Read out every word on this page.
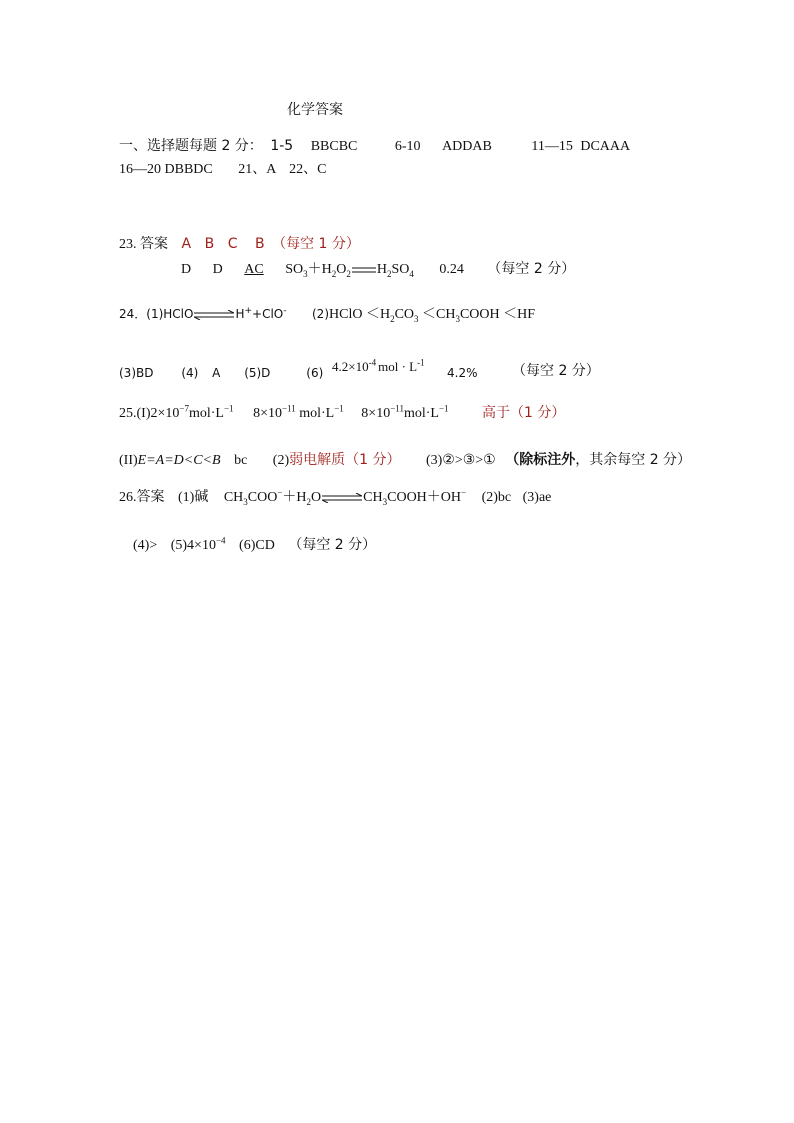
化学答案
一、选择题每题 2 分： 1-5 BBCBC	6-10 ADDAB	11—15 DCAAA
16—20 DBBDC 21、A 22、C
23. 答案 A B C B （每空 1 分）
D D AC $SO_3+H_2O_2$ $H_2SO_4$ 0.24 （每空 2 分）
24．(1)HClO⇌H++ClO- (2)HClO $<H_2CO_3$ $<CH_3COOH <HF$
(3)BD (4) A (5)D	(6) $4.2\times 10^{-4}$ mol · $L^{-1}$
4.2% （每空 2 分）
$25.(I)2\times 10^{-7}mol\cdot L^{-1}$ $8\times 10^{-11}$ $mol\cdot L^{-1}$ $8\times 10^{-11}mol\cdot L^{-1}$ 高于（1 分）
(II)E=A=D<C<B bc (2)弱电解质（1 分） (3)②>③>① （除标注外，其余每空 2 分）
26.答案 (1)碱 $CH_3COO^-+H_2O\rightleftharpoons CH_3COOH+OH^-$ (2)bc (3)ae
$(4)> (5)4\times 10^{-4}$ (6)CD （每空 2 分）
